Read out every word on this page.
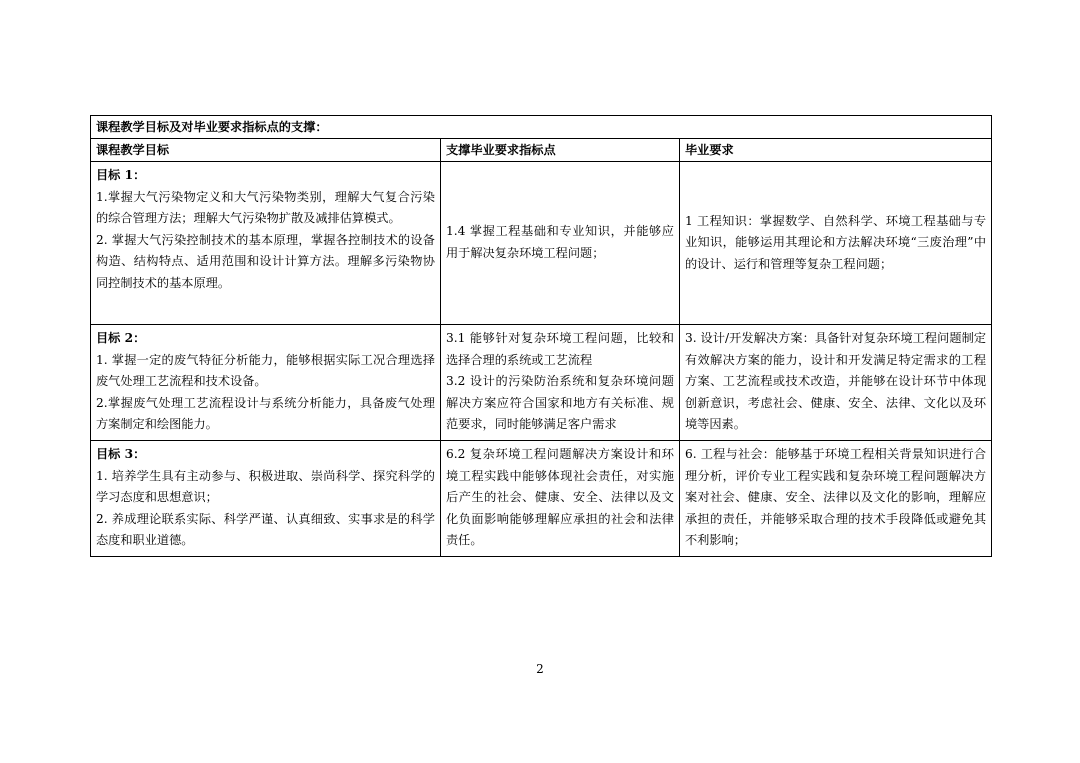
课程教学目标及对毕业要求指标点的支撑：		
课程教学目标	支撑毕业要求指标点	毕业要求

目标 1：
1.掌握大气污染物定义和大气污染物类别，理解大气复合污染的综合管理方法；理解大气污染物扩散及减排估算模式。
2. 掌握大气污染控制技术的基本原理，掌握各控制技术的设备构造、结构特点、适用范围和设计计算方法。理解多污染物协同控制技术的基本原理。	1.4 掌握工程基础和专业知识，并能够应用于解决复杂环境工程问题；	1 工程知识：掌握数学、自然科学、环境工程基础与专业知识，能够运用其理论和方法解决环境“三废治理”中的设计、运行和管理等复杂工程问题；

目标 2：
1. 掌握一定的废气特征分析能力，能够根据实际工况合理选择废气处理工艺流程和技术设备。
2.掌握废气处理工艺流程设计与系统分析能力，具备废气处理方案制定和绘图能力。	3.1 能够针对复杂环境工程问题，比较和选择合理的系统或工艺流程
3.2 设计的污染防治系统和复杂环境问题解决方案应符合国家和地方有关标准、规范要求，同时能够满足客户需求	3. 设计/开发解决方案：具备针对复杂环境工程问题制定有效解决方案的能力，设计和开发满足特定需求的工程方案、工艺流程或技术改造，并能够在设计环节中体现创新意识，考虑社会、健康、安全、法律、文化以及环境等因素。

目标 3：
1. 培养学生具有主动参与、积极进取、崇尚科学、探究科学的学习态度和思想意识；
2. 养成理论联系实际、科学严谨、认真细致、实事求是的科学态度和职业道德。	6.2 复杂环境工程问题解决方案设计和环境工程实践中能够体现社会责任，对实施后产生的社会、健康、安全、法律以及文化负面影响能够理解应承担的社会和法律责任。	6. 工程与社会：能够基于环境工程相关背景知识进行合理分析，评价专业工程实践和复杂环境工程问题解决方案对社会、健康、安全、法律以及文化的影响，理解应承担的责任，并能够采取合理的技术手段降低或避免其不利影响；
2
